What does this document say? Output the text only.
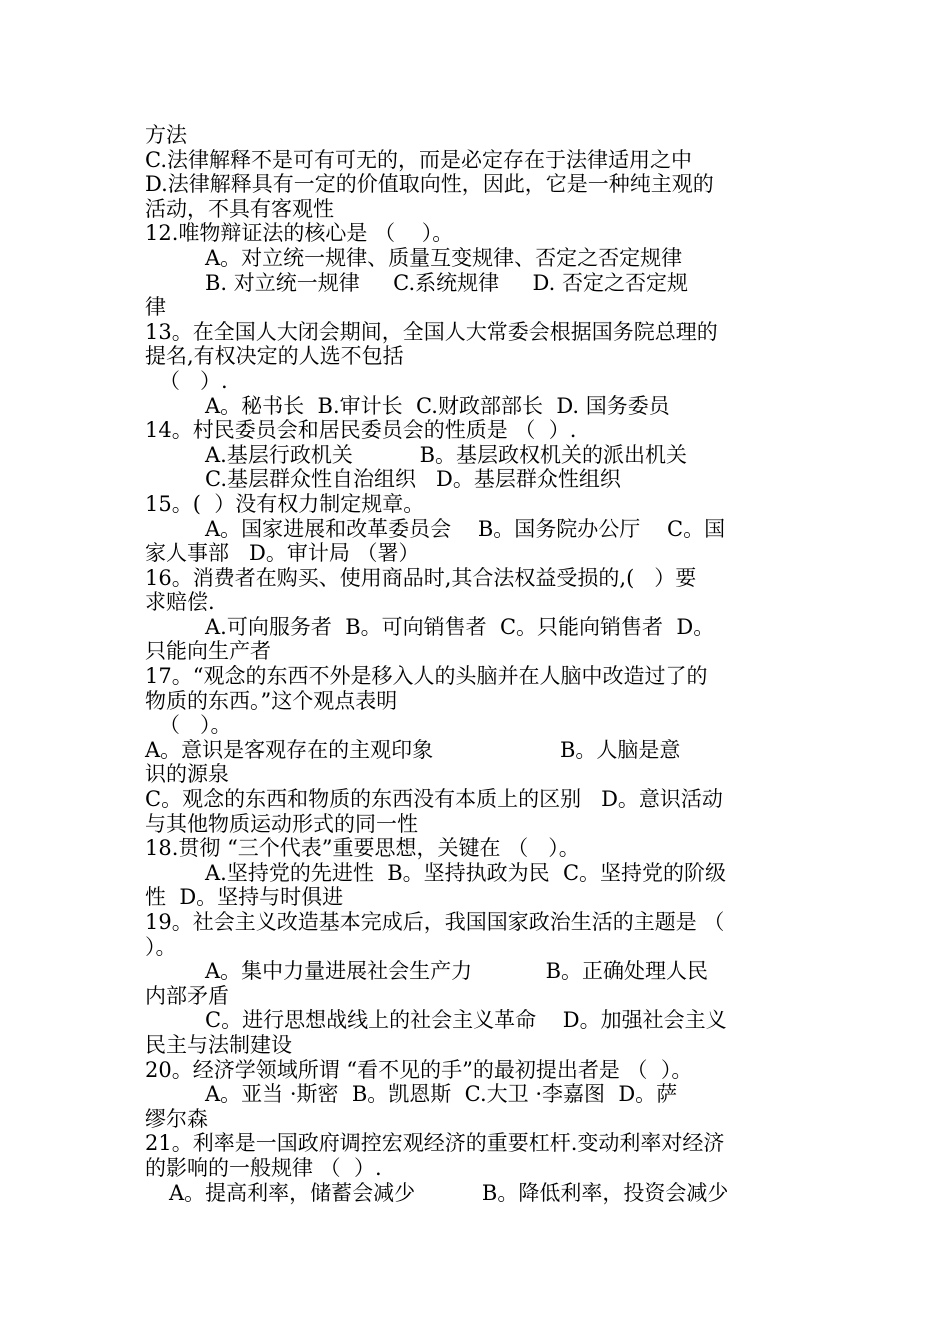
方法
C.法律解释不是可有可无的，而是必定存在于法律适用之中
D.法律解释具有一定的价值取向性，因此，它是一种纯主观的
活动，不具有客观性
12.唯物辩证法的核心是 （    ）。
A。对立统一规律、质量互变规律、否定之否定规律
B. 对立统一规律     C.系统规律     D. 否定之否定规
律
13。在全国人大闭会期间，全国人大常委会根据国务院总理的
提名,有权决定的人选不包括
（   ）.
A。秘书长  B.审计长  C.财政部部长  D. 国务委员
14。村民委员会和居民委员会的性质是 （  ）.
A.基层行政机关          B。基层政权机关的派出机关
C.基层群众性自治组织   D。基层群众性组织
15。(  ）没有权力制定规章。
A。国家进展和改革委员会    B。国务院办公厅    C。国
家人事部   D。审计局 （署）
16。消费者在购买、使用商品时,其合法权益受损的,(   ）要
求赔偿.
A.可向服务者  B。可向销售者  C。只能向销售者  D。
只能向生产者
17。“观念的东西不外是移入人的头脑并在人脑中改造过了的
物质的东西。”这个观点表明
（   ）。
A。意识是客观存在的主观印象                   B。人脑是意
识的源泉
C。观念的东西和物质的东西没有本质上的区别   D。意识活动
与其他物质运动形式的同一性
18.贯彻 “三个代表”重要思想，关键在 （   ）。
A.坚持党的先进性  B。坚持执政为民  C。坚持党的阶级
性  D。坚持与时俱进
19。社会主义改造基本完成后，我国国家政治生活的主题是 （
）。
A。集中力量进展社会生产力           B。正确处理人民
内部矛盾
C。进行思想战线上的社会主义革命    D。加强社会主义
民主与法制建设
20。经济学领域所谓 “看不见的手”的最初提出者是 （  ）。
A。亚当 ·斯密  B。凯恩斯  C.大卫 ·李嘉图  D。萨
缪尔森
21。利率是一国政府调控宏观经济的重要杠杆.变动利率对经济
的影响的一般规律 （  ）.
A。提高利率，储蓄会减少          B。降低利率，投资会减少
